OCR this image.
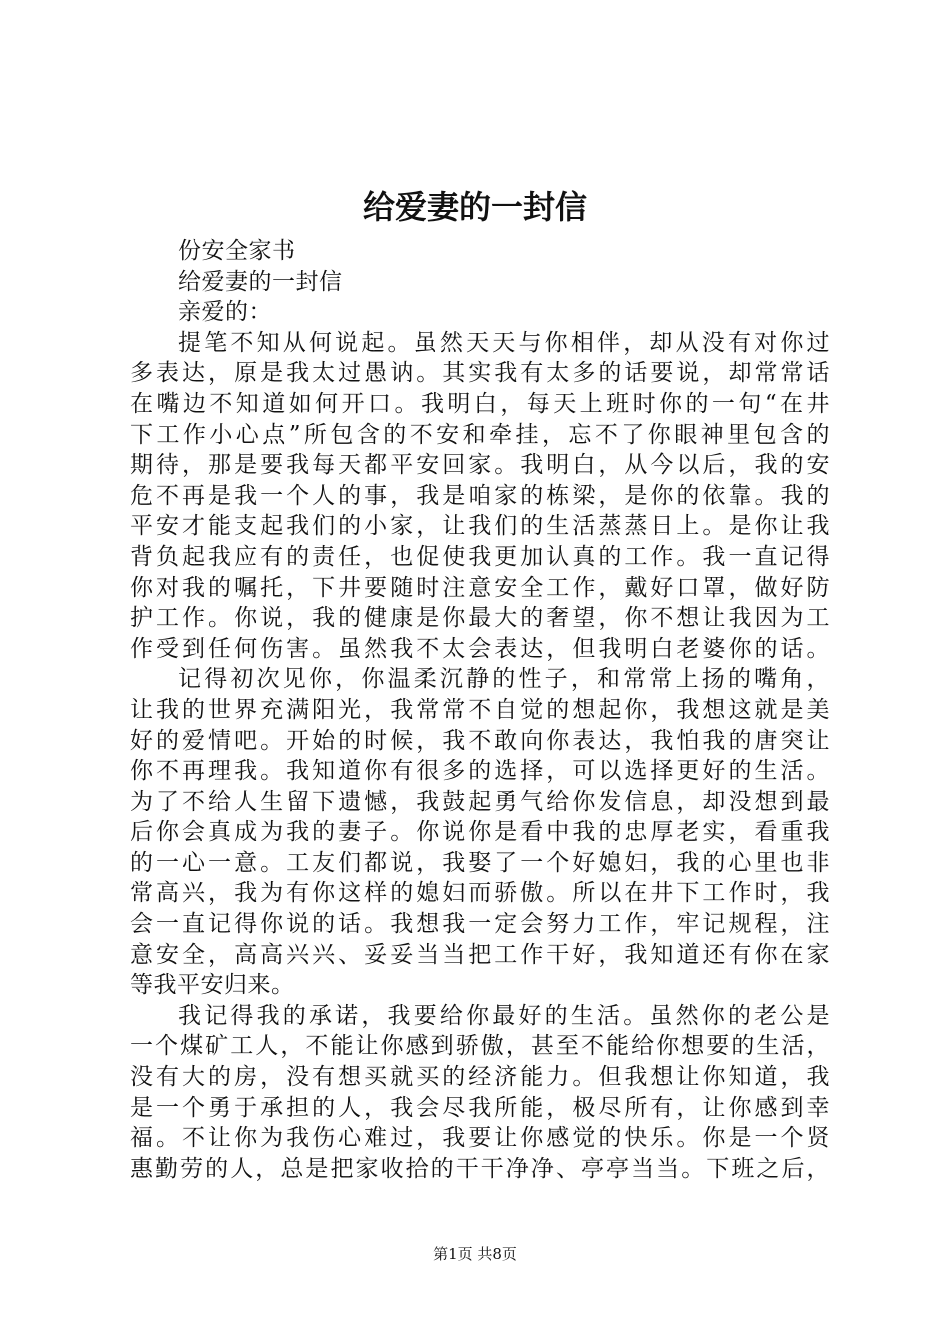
给爱妻的一封信
份安全家书
给爱妻的一封信
亲爱的：
提笔不知从何说起。虽然天天与你相伴，却从没有对你过
多表达，原是我太过愚讷。其实我有太多的话要说，却常常话
在嘴边不知道如何开口。我明白，每天上班时你的一句“在井
下工作小心点”所包含的不安和牵挂，忘不了你眼神里包含的
期待，那是要我每天都平安回家。我明白，从今以后，我的安
危不再是我一个人的事，我是咱家的栋梁，是你的依靠。我的
平安才能支起我们的小家，让我们的生活蒸蒸日上。是你让我
背负起我应有的责任，也促使我更加认真的工作。我一直记得
你对我的嘱托，下井要随时注意安全工作，戴好口罩，做好防
护工作。你说，我的健康是你最大的奢望，你不想让我因为工
作受到任何伤害。虽然我不太会表达，但我明白老婆你的话。
记得初次见你，你温柔沉静的性子，和常常上扬的嘴角，
让我的世界充满阳光，我常常不自觉的想起你，我想这就是美
好的爱情吧。开始的时候，我不敢向你表达，我怕我的唐突让
你不再理我。我知道你有很多的选择，可以选择更好的生活。
为了不给人生留下遗憾，我鼓起勇气给你发信息，却没想到最
后你会真成为我的妻子。你说你是看中我的忠厚老实，看重我
的一心一意。工友们都说，我娶了一个好媳妇，我的心里也非
常高兴，我为有你这样的媳妇而骄傲。所以在井下工作时，我
会一直记得你说的话。我想我一定会努力工作，牢记规程，注
意安全，高高兴兴、妥妥当当把工作干好，我知道还有你在家
等我平安归来。
我记得我的承诺，我要给你最好的生活。虽然你的老公是
一个煤矿工人，不能让你感到骄傲，甚至不能给你想要的生活，
没有大的房，没有想买就买的经济能力。但我想让你知道，我
是一个勇于承担的人，我会尽我所能，极尽所有，让你感到幸
福。不让你为我伤心难过，我要让你感觉的快乐。你是一个贤
惠勤劳的人，总是把家收拾的干干净净、亭亭当当。下班之后，
第1页 共8页
